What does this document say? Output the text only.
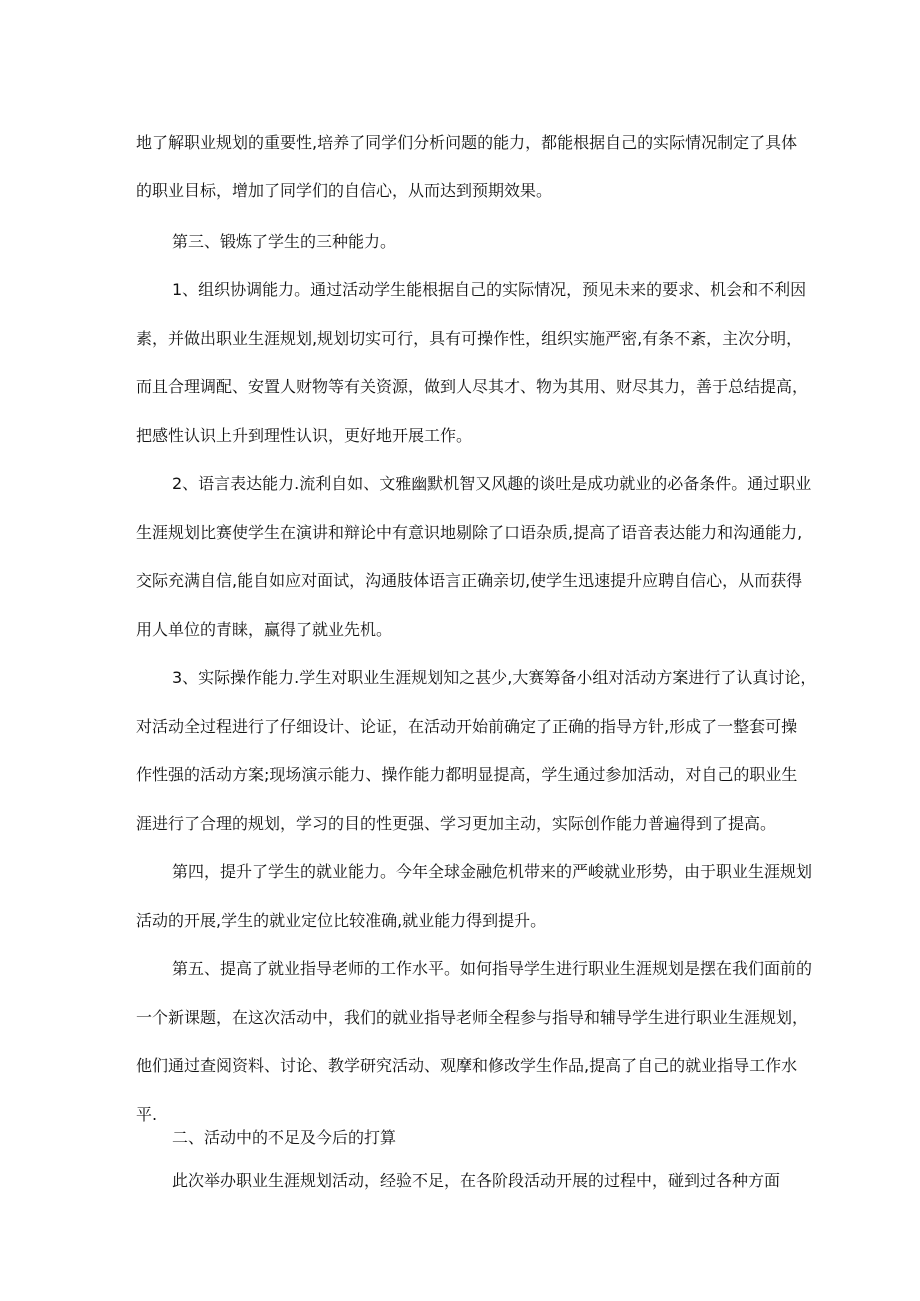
地了解职业规划的重要性,培养了同学们分析问题的能力，都能根据自己的实际情况制定了具体
的职业目标，增加了同学们的自信心，从而达到预期效果。
第三、锻炼了学生的三种能力。
1、组织协调能力。通过活动学生能根据自己的实际情况，预见未来的要求、机会和不利因
素，并做出职业生涯规划,规划切实可行，具有可操作性，组织实施严密,有条不紊，主次分明，
而且合理调配、安置人财物等有关资源，做到人尽其才、物为其用、财尽其力，善于总结提高，
把感性认识上升到理性认识，更好地开展工作。
2、语言表达能力.流利自如、文雅幽默机智又风趣的谈吐是成功就业的必备条件。通过职业
生涯规划比赛使学生在演讲和辩论中有意识地剔除了口语杂质,提高了语音表达能力和沟通能力,
交际充满自信,能自如应对面试，沟通肢体语言正确亲切,使学生迅速提升应聘自信心，从而获得
用人单位的青睐，赢得了就业先机。
3、实际操作能力.学生对职业生涯规划知之甚少,大赛筹备小组对活动方案进行了认真讨论，
对活动全过程进行了仔细设计、论证，在活动开始前确定了正确的指导方针,形成了一整套可操
作性强的活动方案;现场演示能力、操作能力都明显提高，学生通过参加活动，对自己的职业生
涯进行了合理的规划，学习的目的性更强、学习更加主动，实际创作能力普遍得到了提高。
第四，提升了学生的就业能力。今年全球金融危机带来的严峻就业形势，由于职业生涯规划
活动的开展,学生的就业定位比较准确,就业能力得到提升。
第五、提高了就业指导老师的工作水平。如何指导学生进行职业生涯规划是摆在我们面前的
一个新课题，在这次活动中，我们的就业指导老师全程参与指导和辅导学生进行职业生涯规划，
他们通过查阅资料、讨论、教学研究活动、观摩和修改学生作品,提高了自己的就业指导工作水
平.
二、活动中的不足及今后的打算
此次举办职业生涯规划活动，经验不足，在各阶段活动开展的过程中，碰到过各种方面
